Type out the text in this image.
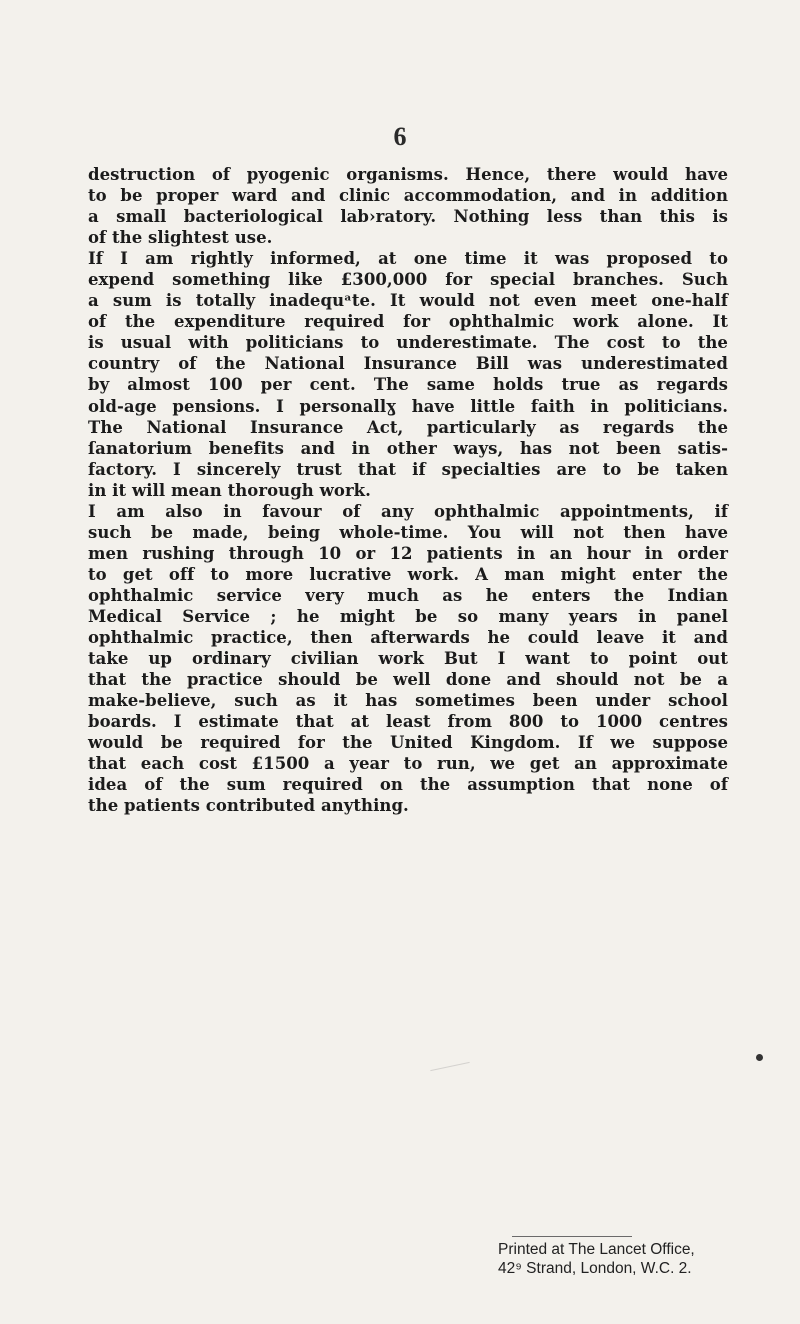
6
destruction of pyogenic organisms. Hence, there would have
to be proper ward and clinic accommodation, and in addition
a small bacteriological lab›ratory. Nothing less than this is
of the slightest use.
If I am rightly informed, at one time it was proposed to
expend something like £300,000 for special branches. Such
a sum is totally inadequᵃte. It would not even meet one-half
of the expenditure required for ophthalmic work alone. It
is usual with politicians to underestimate. The cost to the
country of the National Insurance Bill was underestimated
by almost 100 per cent. The same holds true as regards
old-age pensions. I personallɣ have little faith in politicians.
The National Insurance Act, particularly as regards the
ſanatorium benefits and in other ways, has not been satis-
factory. I sincerely trust that if specialties are to be taken
in it will mean thorough work.
I am also in favour of any ophthalmic appointments, if
such be made, being whole-time. You will not then have
men rushing through 10 or 12 patients in an hour in order
to get off to more lucrative work. A man might enter the
ophthalmic service very much as he enters the Indian
Medical Service ; he might be so many years in panel
ophthalmic practice, then afterwards he could leave it and
take up ordinary civilian work But I want to point out
that the practice should be well done and should not be a
make-believe, such as it has sometimes been under school
boards. I estimate that at least from 800 to 1000 centres
would be required for the United Kingdom. If we suppose
that each cost £1500 a year to run, we get an approximate
idea of the sum required on the assumption that none of
the patients contributed anything.
Printed at The Lancet Office,
42⁹ Strand, London, W.C. 2.
